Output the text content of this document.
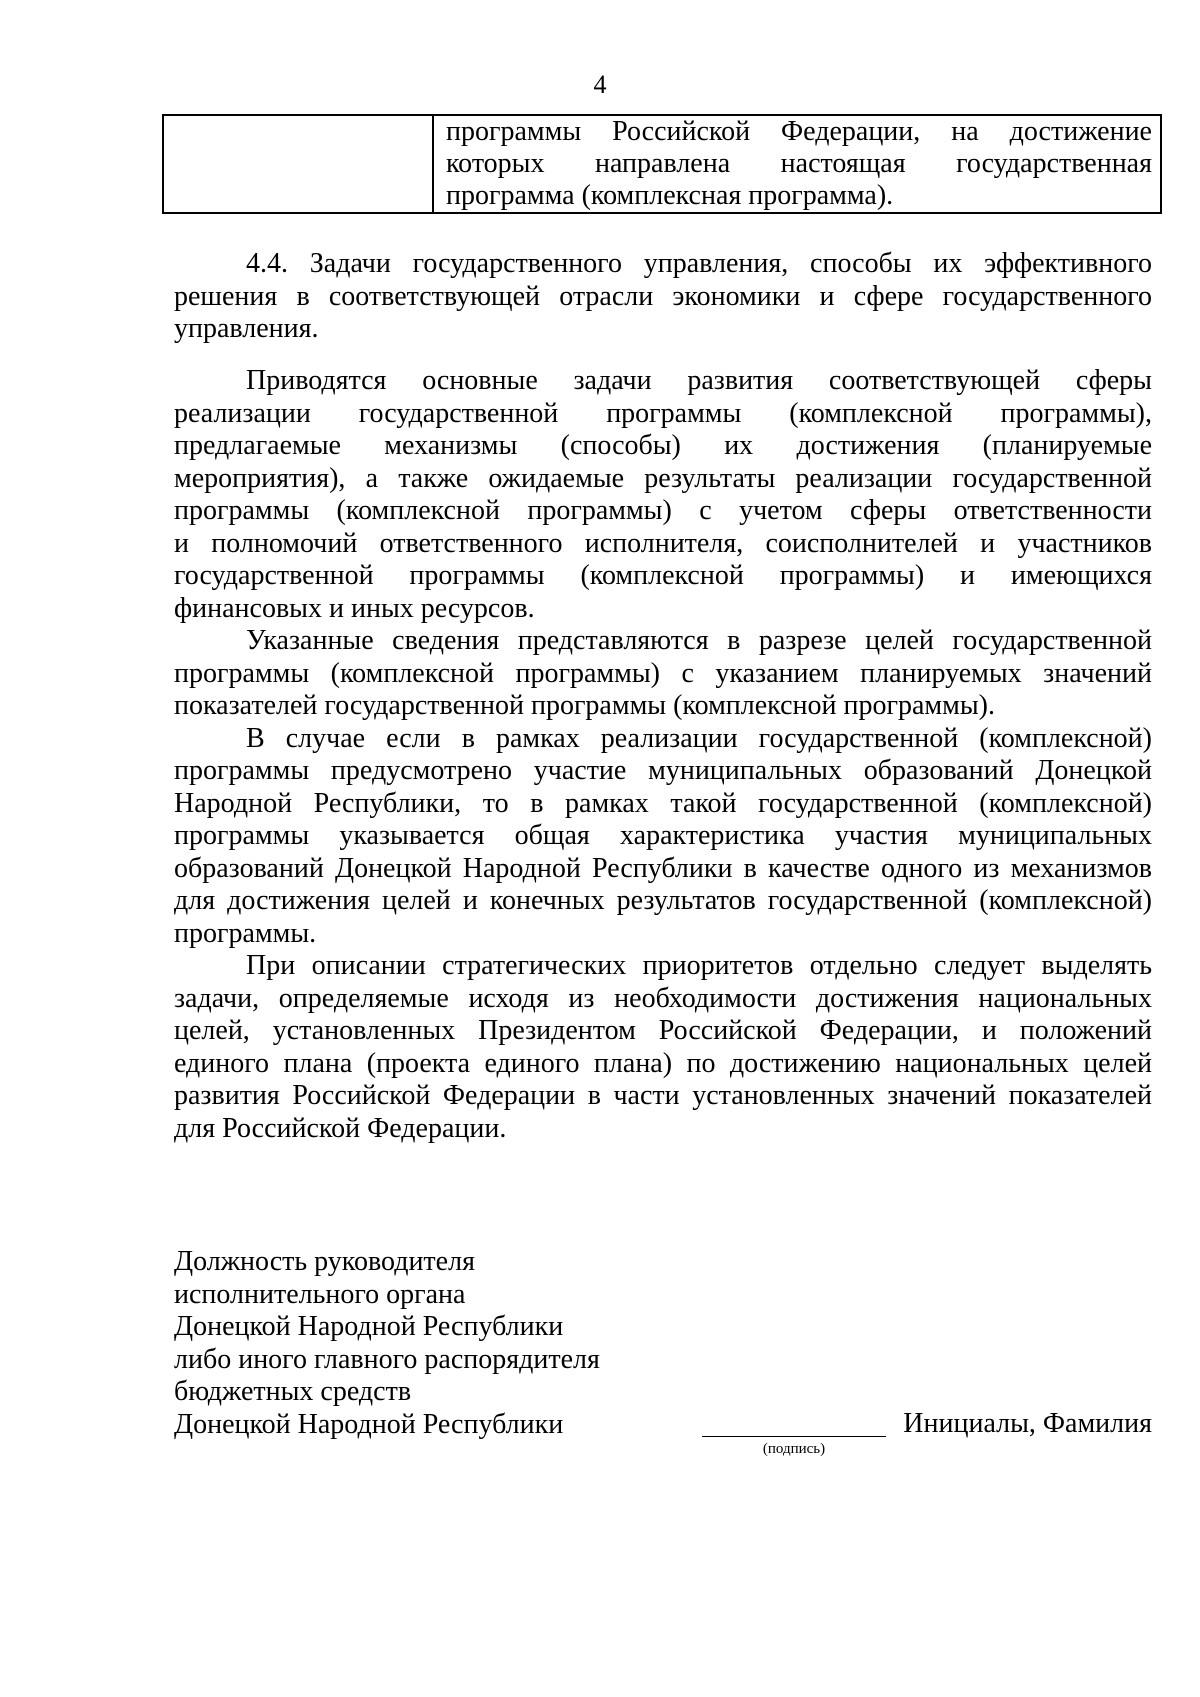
4
программы Российской Федерации, на достижение
которых направлена настоящая государственная
программа (комплексная программа).
4.4. Задачи государственного управления, способы их эффективного
решения в соответствующей отрасли экономики и сфере государственного
управления.
Приводятся основные задачи развития соответствующей сферы
реализации государственной программы (комплексной программы),
предлагаемые механизмы (способы) их достижения (планируемые
мероприятия), а также ожидаемые результаты реализации государственной
программы (комплексной программы) с учетом сферы ответственности
и полномочий ответственного исполнителя, соисполнителей и участников
государственной программы (комплексной программы) и имеющихся
финансовых и иных ресурсов.
Указанные сведения представляются в разрезе целей государственной
программы (комплексной программы) с указанием планируемых значений
показателей государственной программы (комплексной программы).
В случае если в рамках реализации государственной (комплексной)
программы предусмотрено участие муниципальных образований Донецкой
Народной Республики, то в рамках такой государственной (комплексной)
программы указывается общая характеристика участия муниципальных
образований Донецкой Народной Республики в качестве одного из механизмов
для достижения целей и конечных результатов государственной (комплексной)
программы.
При описании стратегических приоритетов отдельно следует выделять
задачи, определяемые исходя из необходимости достижения национальных
целей, установленных Президентом Российской Федерации, и положений
единого плана (проекта единого плана) по достижению национальных целей
развития Российской Федерации в части установленных значений показателей
для Российской Федерации.
Должность руководителя
исполнительного органа
Донецкой Народной Республики
либо иного главного распорядителя
бюджетных средств
Донецкой Народной Республики
(подпись)
Инициалы, Фамилия
